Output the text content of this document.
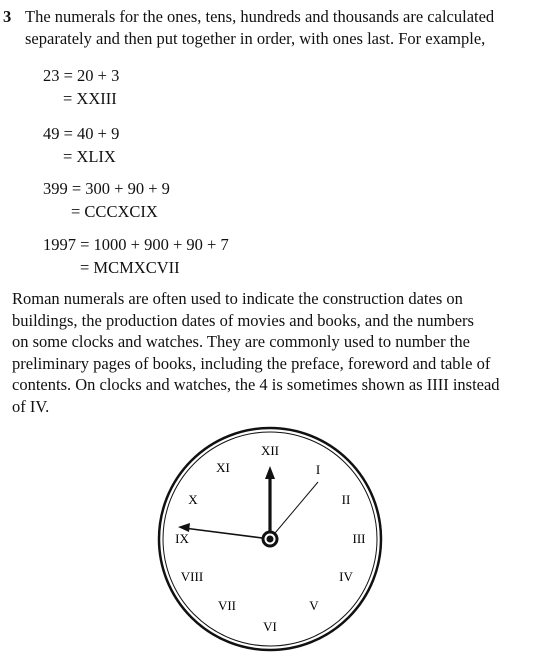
3 The numerals for the ones, tens, hundreds and thousands are calculated
separately and then put together in order, with ones last. For example,
23 = 20 + 3
= XXIII
49 = 40 + 9
= XLIX
399 = 300 + 90 + 9
= CCCXCIX
1997 = 1000 + 900 + 90 + 7
= MCMXCVII
Roman numerals are often used to indicate the construction dates on
buildings, the production dates of movies and books, and the numbers
on some clocks and watches. They are commonly used to number the
preliminary pages of books, including the preface, foreword and table of
contents. On clocks and watches, the 4 is sometimes shown as IIII instead
of IV.
XII
I
II
III
IV
V
VI
VII
VIII
IX
X
XI
